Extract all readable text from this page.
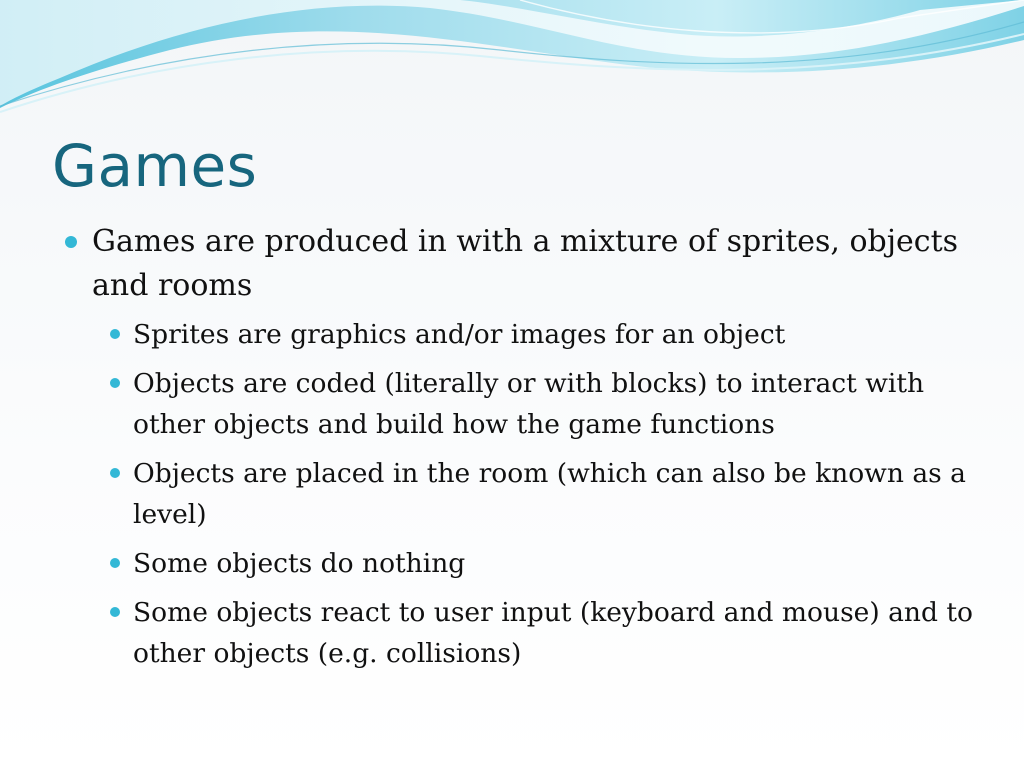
Games
Games are produced in with a mixture of sprites, objects and rooms
Sprites are graphics and/or images for an object
Objects are coded (literally or with blocks) to interact with other objects and build how the game functions
Objects are placed in the room (which can also be known as a level)
Some objects do nothing
Some objects react to user input (keyboard and mouse) and to other objects (e.g. collisions)
